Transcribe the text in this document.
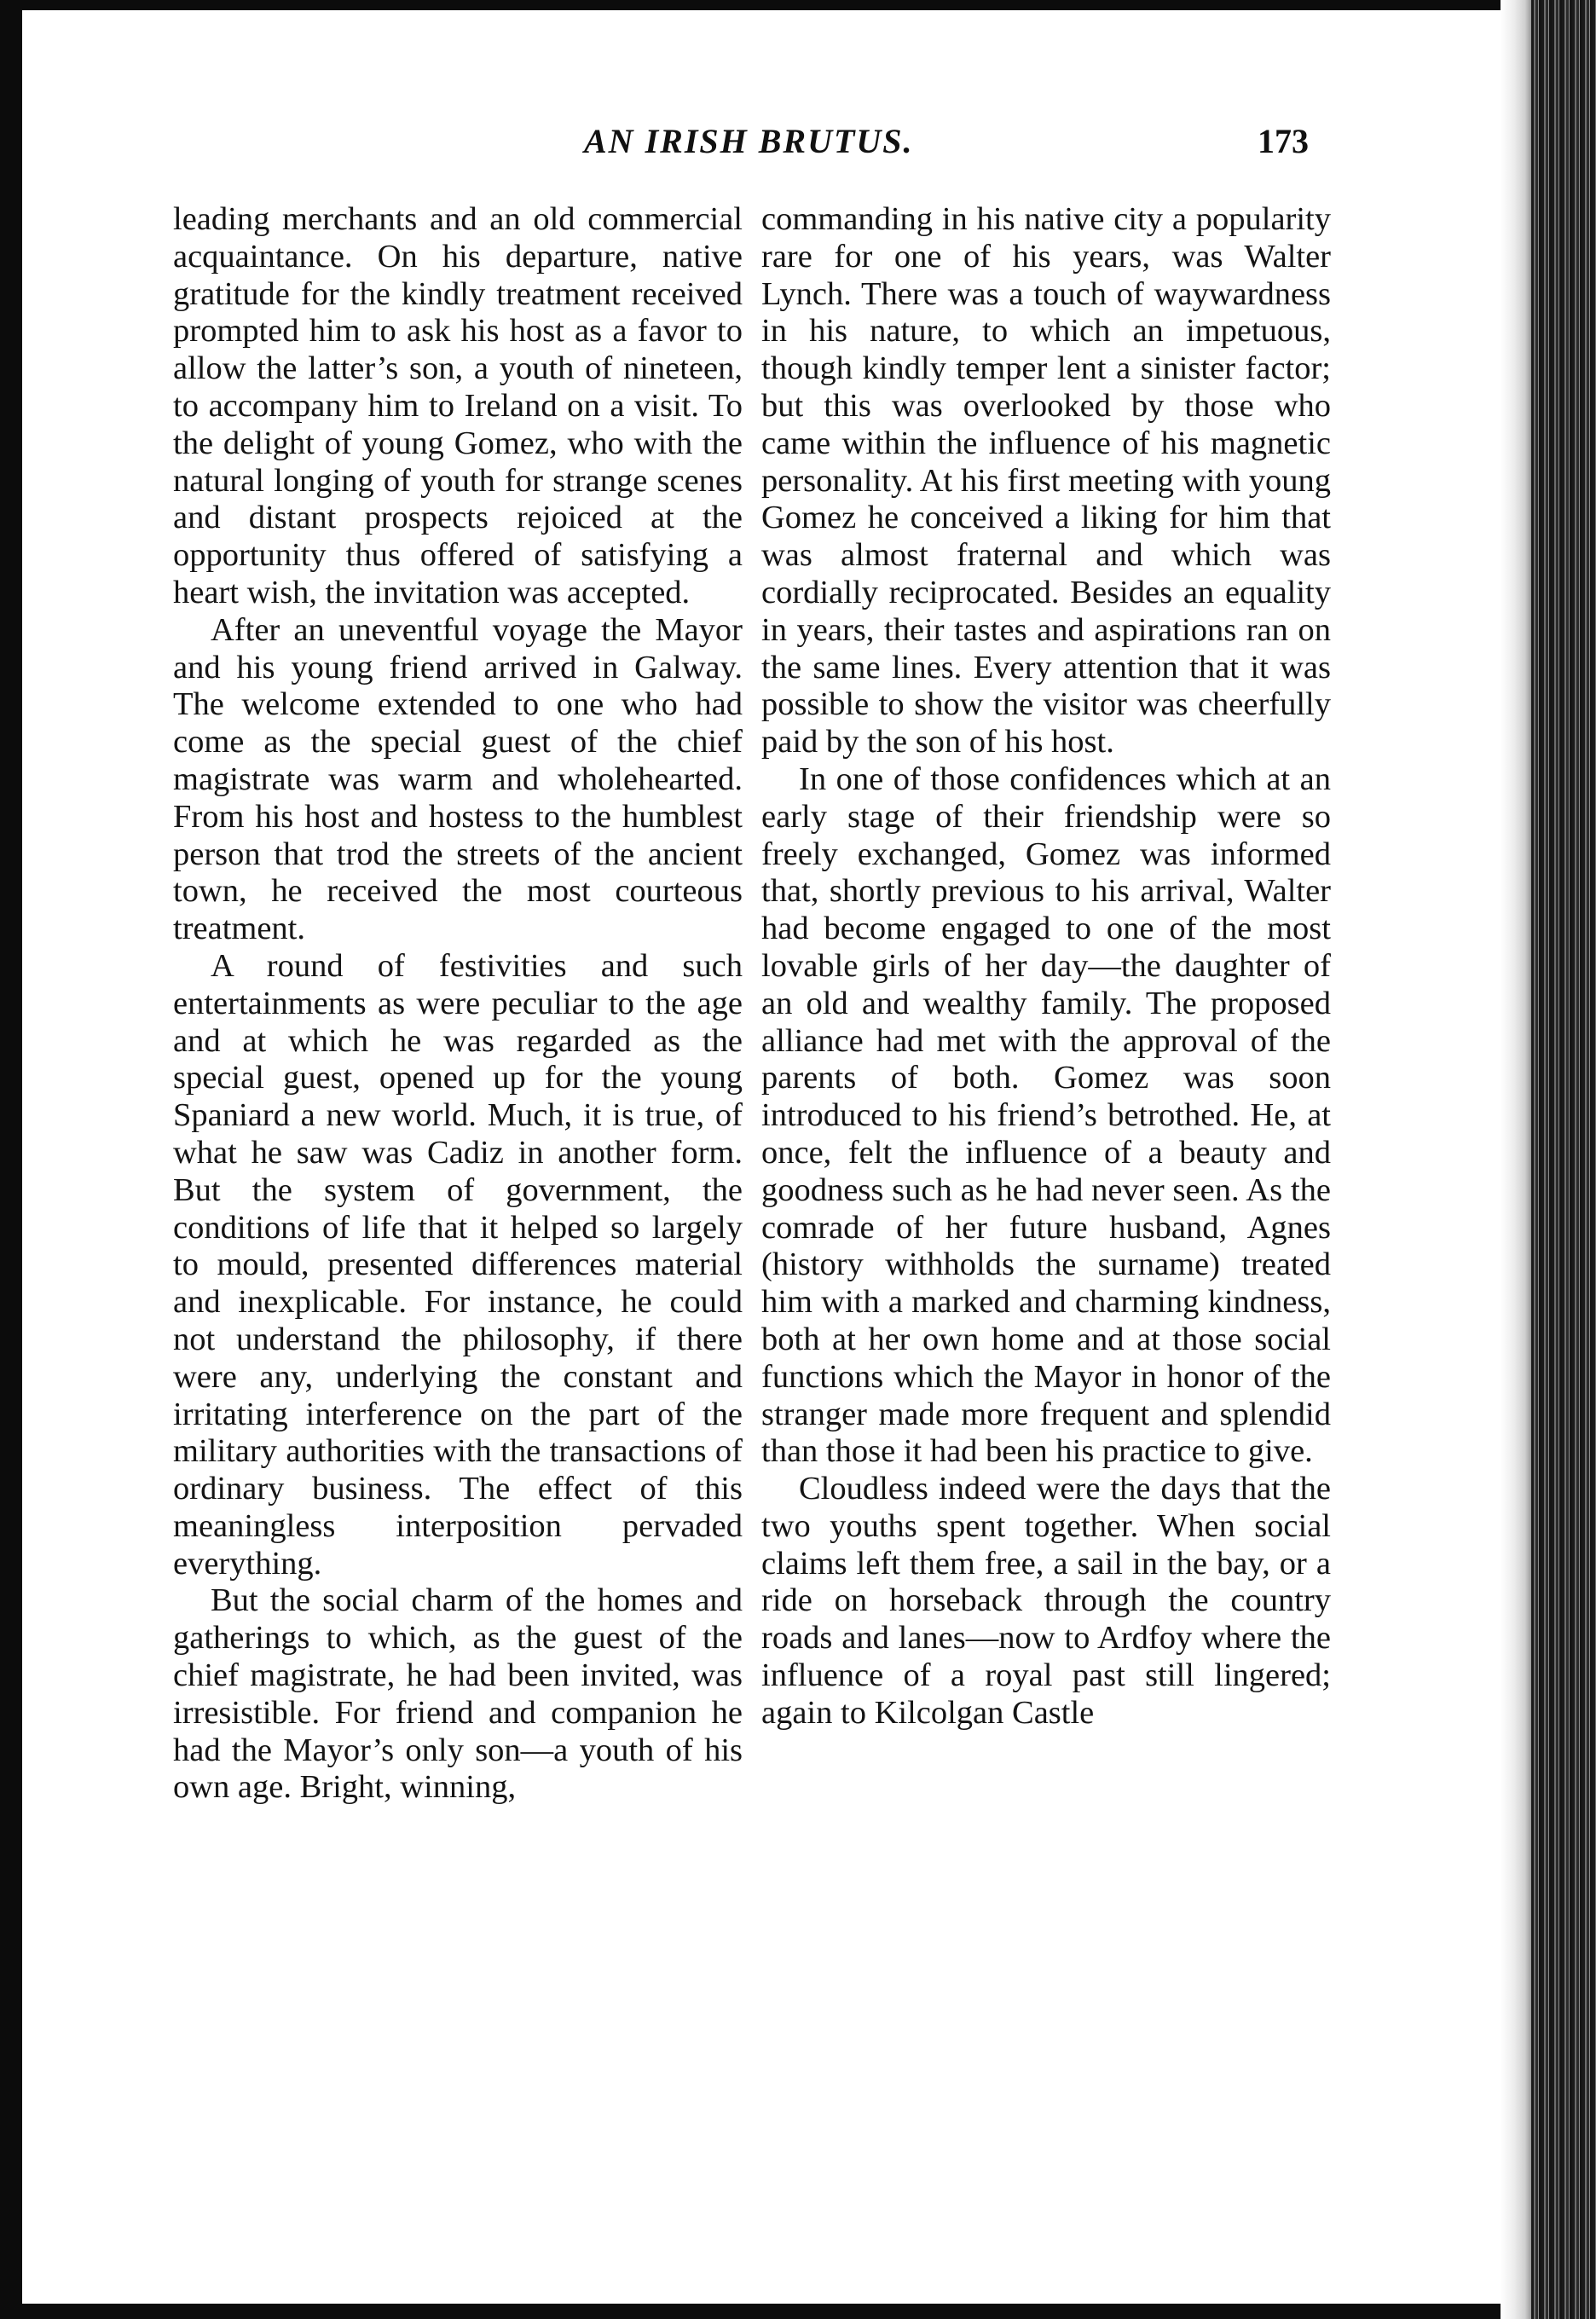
AN IRISH BRUTUS.	173

leading merchants and an old commercial acquaintance. On his departure, native gratitude for the kindly treatment received prompted him to ask his host as a favor to allow the latter’s son, a youth of nineteen, to accompany him to Ireland on a visit. To the delight of young Gomez, who with the natural longing of youth for strange scenes and distant prospects rejoiced at the opportunity thus offered of satisfying a heart wish, the invitation was accepted.

After an uneventful voyage the Mayor and his young friend arrived in Galway. The welcome extended to one who had come as the special guest of the chief magistrate was warm and wholehearted. From his host and hostess to the humblest person that trod the streets of the ancient town, he received the most courteous treatment.

A round of festivities and such entertainments as were peculiar to the age and at which he was regarded as the special guest, opened up for the young Spaniard a new world. Much, it is true, of what he saw was Cadiz in another form. But the system of government, the conditions of life that it helped so largely to mould, presented differences material and inexplicable. For instance, he could not understand the philosophy, if there were any, underlying the constant and irritating interference on the part of the military authorities with the transactions of ordinary business. The effect of this meaningless interposition pervaded everything.

But the social charm of the homes and gatherings to which, as the guest of the chief magistrate, he had been invited, was irresistible. For friend and companion he had the Mayor’s only son—a youth of his own age. Bright, winning,

commanding in his native city a popularity rare for one of his years, was Walter Lynch. There was a touch of waywardness in his nature, to which an impetuous, though kindly temper lent a sinister factor; but this was overlooked by those who came within the influence of his magnetic personality. At his first meeting with young Gomez he conceived a liking for him that was almost fraternal and which was cordially reciprocated. Besides an equality in years, their tastes and aspirations ran on the same lines. Every attention that it was possible to show the visitor was cheerfully paid by the son of his host.

In one of those confidences which at an early stage of their friendship were so freely exchanged, Gomez was informed that, shortly previous to his arrival, Walter had become engaged to one of the most lovable girls of her day—the daughter of an old and wealthy family. The proposed alliance had met with the approval of the parents of both. Gomez was soon introduced to his friend’s betrothed. He, at once, felt the influence of a beauty and goodness such as he had never seen. As the comrade of her future husband, Agnes (history withholds the surname) treated him with a marked and charming kindness, both at her own home and at those social functions which the Mayor in honor of the stranger made more frequent and splendid than those it had been his practice to give.

Cloudless indeed were the days that the two youths spent together. When social claims left them free, a sail in the bay, or a ride on horseback through the country roads and lanes—now to Ardfoy where the influence of a royal past still lingered; again to Kilcolgan Castle
